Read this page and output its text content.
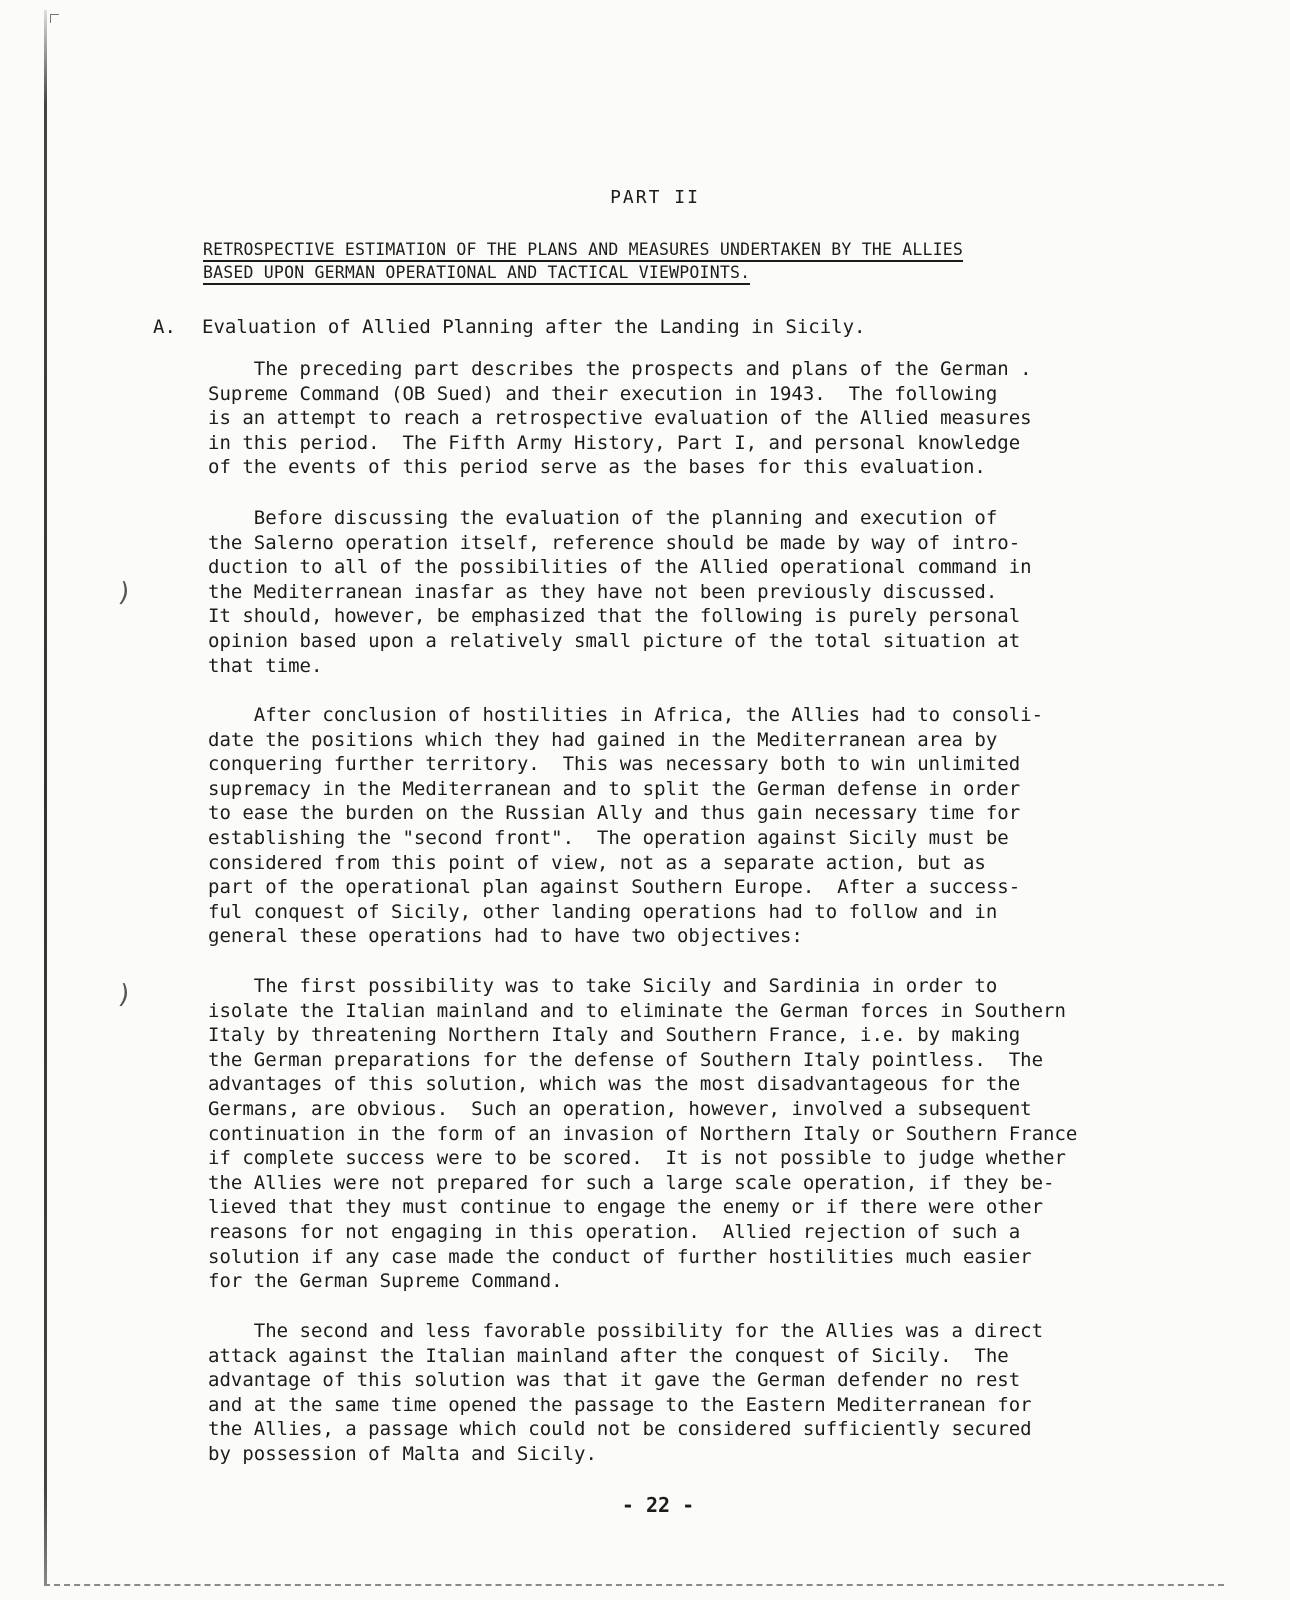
)
)
PART II
RETROSPECTIVE ESTIMATION OF THE PLANS AND MEASURES UNDERTAKEN BY THE ALLIES
BASED UPON GERMAN OPERATIONAL AND TACTICAL VIEWPOINTS.
A. Evaluation of Allied Planning after the Landing in Sicily.
The preceding part describes the prospects and plans of the German .
Supreme Command (OB Sued) and their execution in 1943.  The following
is an attempt to reach a retrospective evaluation of the Allied measures
in this period.  The Fifth Army History, Part I, and personal knowledge
of the events of this period serve as the bases for this evaluation.
Before discussing the evaluation of the planning and execution of
the Salerno operation itself, reference should be made by way of intro-
duction to all of the possibilities of the Allied operational command in
the Mediterranean inasfar as they have not been previously discussed.
It should, however, be emphasized that the following is purely personal
opinion based upon a relatively small picture of the total situation at
that time.
After conclusion of hostilities in Africa, the Allies had to consoli-
date the positions which they had gained in the Mediterranean area by
conquering further territory.  This was necessary both to win unlimited
supremacy in the Mediterranean and to split the German defense in order
to ease the burden on the Russian Ally and thus gain necessary time for
establishing the "second front".  The operation against Sicily must be
considered from this point of view, not as a separate action, but as
part of the operational plan against Southern Europe.  After a success-
ful conquest of Sicily, other landing operations had to follow and in
general these operations had to have two objectives:
The first possibility was to take Sicily and Sardinia in order to
isolate the Italian mainland and to eliminate the German forces in Southern
Italy by threatening Northern Italy and Southern France, i.e. by making
the German preparations for the defense of Southern Italy pointless.  The
advantages of this solution, which was the most disadvantageous for the
Germans, are obvious.  Such an operation, however, involved a subsequent
continuation in the form of an invasion of Northern Italy or Southern France
if complete success were to be scored.  It is not possible to judge whether
the Allies were not prepared for such a large scale operation, if they be-
lieved that they must continue to engage the enemy or if there were other
reasons for not engaging in this operation.  Allied rejection of such a
solution if any case made the conduct of further hostilities much easier
for the German Supreme Command.
The second and less favorable possibility for the Allies was a direct
attack against the Italian mainland after the conquest of Sicily.  The
advantage of this solution was that it gave the German defender no rest
and at the same time opened the passage to the Eastern Mediterranean for
the Allies, a passage which could not be considered sufficiently secured
by possession of Malta and Sicily.
- 22 -
